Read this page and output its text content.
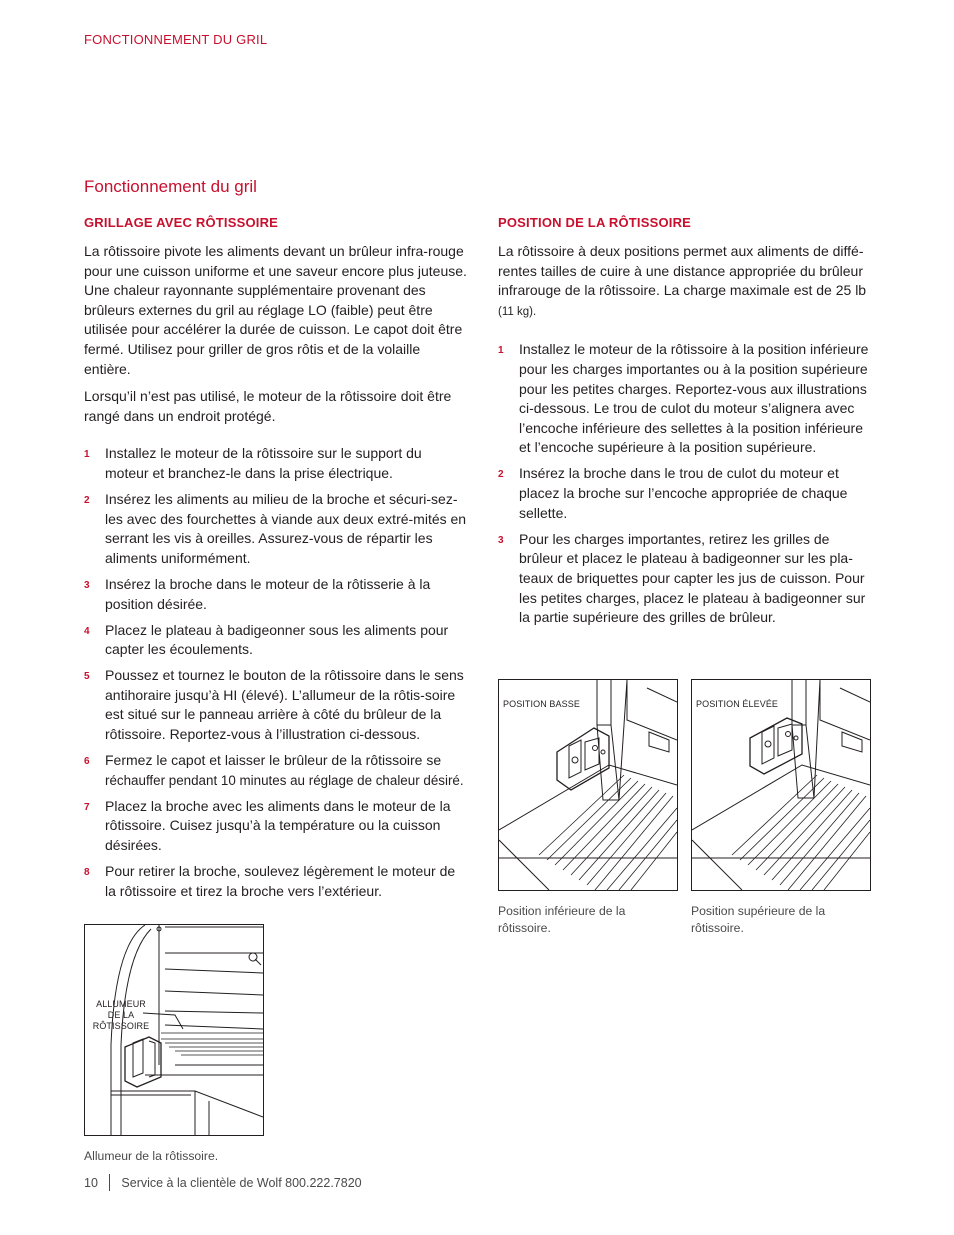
FONCTIONNEMENT DU GRIL
Fonctionnement du gril
GRILLAGE AVEC RÔTISSOIRE

La rôtissoire pivote les aliments devant un brûleur infra-rouge pour une cuisson uniforme et une saveur encore plus juteuse. Une chaleur rayonnante supplémentaire provenant des brûleurs externes du gril au réglage LO (faible) peut être utilisée pour accélérer la durée de cuisson. Le capot doit être fermé. Utilisez pour griller de gros rôtis et de la volaille entière.

Lorsqu’il n’est pas utilisé, le moteur de la rôtissoire doit être rangé dans un endroit protégé.

1 Installez le moteur de la rôtissoire sur le support du moteur et branchez-le dans la prise électrique.
2 Insérez les aliments au milieu de la broche et sécuri-sez-les avec des fourchettes à viande aux deux extré-mités en serrant les vis à oreilles. Assurez-vous de répartir les aliments uniformément.
3 Insérez la broche dans le moteur de la rôtisserie à la position désirée.
4 Placez le plateau à badigeonner sous les aliments pour capter les écoulements.
5 Poussez et tournez le bouton de la rôtissoire dans le sens antihoraire jusqu’à HI (élevé). L’allumeur de la rôtis-soire est situé sur le panneau arrière à côté du brûleur de la rôtissoire. Reportez-vous à l’illustration ci-dessous.
6 Fermez le capot et laisser le brûleur de la rôtissoire se
réchauffer pendant 10 minutes au réglage de chaleur désiré.
7 Placez la broche avec les aliments dans le moteur de la rôtissoire. Cuisez jusqu’à la température ou la cuisson désirées.
8 Pour retirer la broche, soulevez légèrement le moteur de la rôtissoire et tirez la broche vers l’extérieur.
POSITION DE LA RÔTISSOIRE

La rôtissoire à deux positions permet aux aliments de diffé-rentes tailles de cuire à une distance appropriée du brûleur infrarouge de la rôtissoire. La charge maximale est de 25 lb (11 kg).

1 Installez le moteur de la rôtissoire à la position inférieure pour les charges importantes ou à la position supérieure pour les petites charges. Reportez-vous aux illustrations ci-dessous. Le trou de culot du moteur s’alignera avec l’encoche inférieure des sellettes à la position inférieure et l’encoche supérieure à la position supérieure.
2 Insérez la broche dans le trou de culot du moteur et placez la broche sur l’encoche appropriée de chaque sellette.
3 Pour les charges importantes, retirez les grilles de brûleur et placez le plateau à badigeonner sur les pla-teaux de briquettes pour capter les jus de cuisson. Pour les petites charges, placez le plateau à badigeonner sur la partie supérieure des grilles de brûleur.
POSITION BASSE	POSITION ÉLEVÉE
Position inférieure de la rôtissoire.
Position supérieure de la rôtissoire.
ALLUMEUR
DE LA
RÔTISSOIRE
Allumeur de la rôtissoire.
10 Service à la clientèle de Wolf 800.222.7820
